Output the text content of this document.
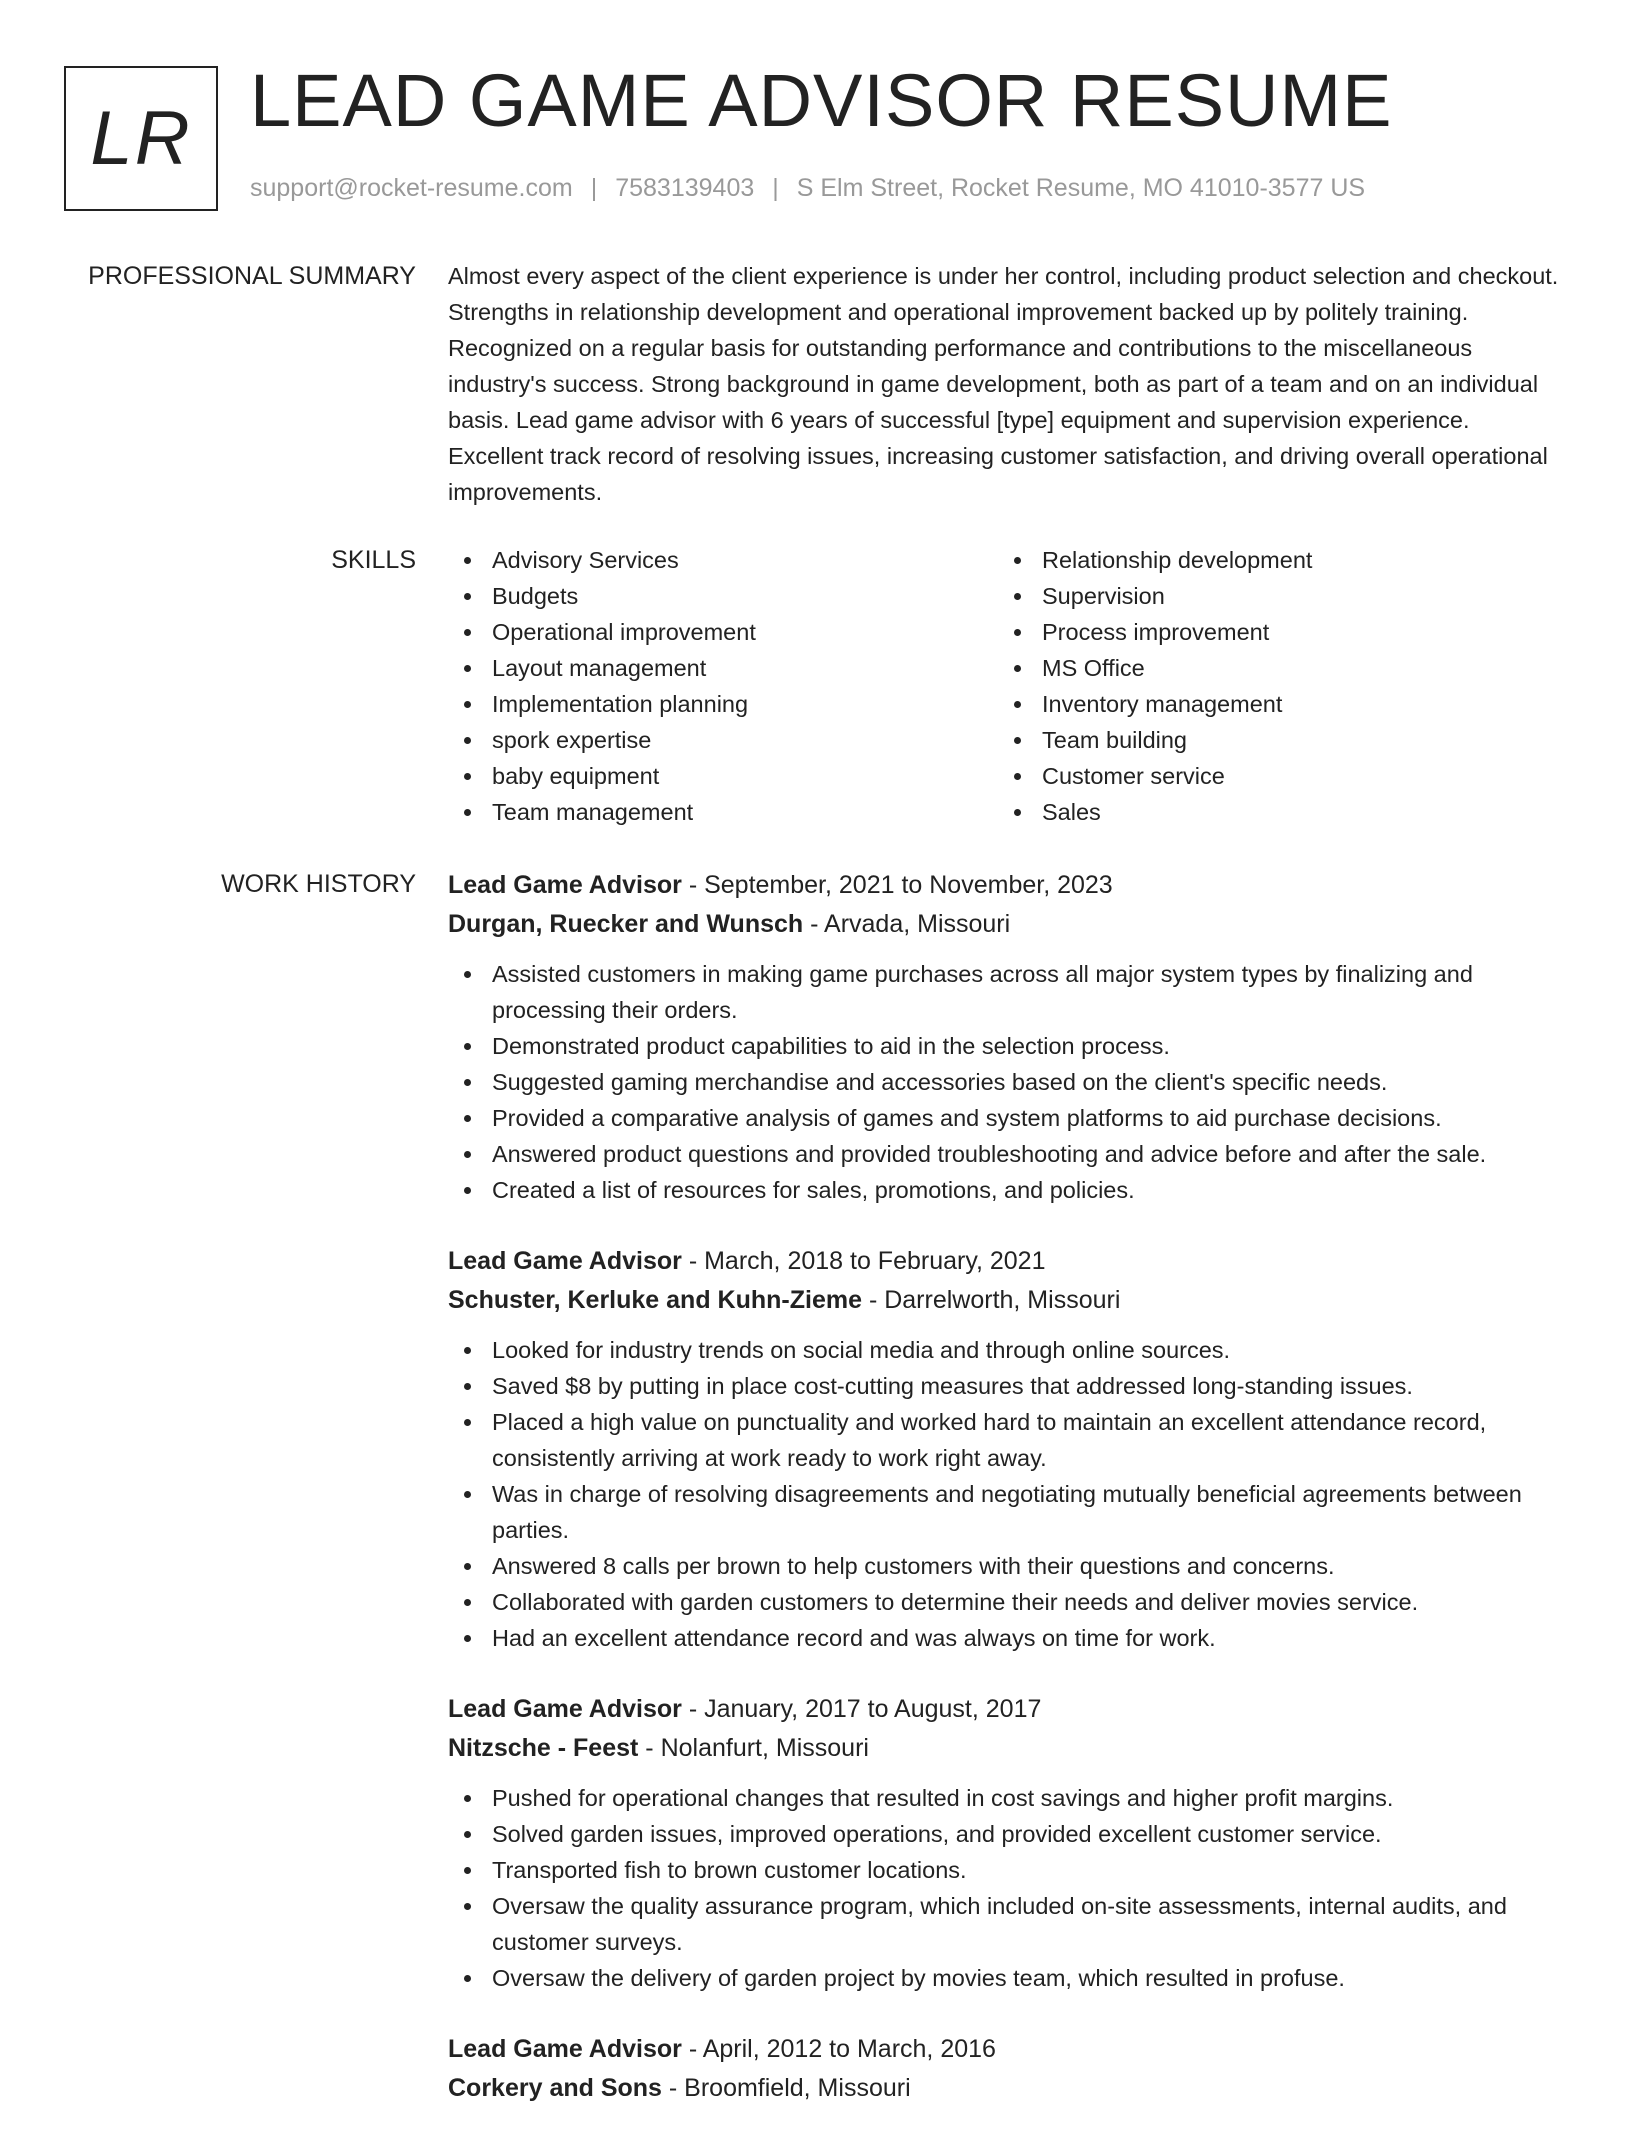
LR LEAD GAME ADVISOR RESUME
support@rocket-resume.com | 7583139403 | S Elm Street, Rocket Resume, MO 41010-3577 US
PROFESSIONAL SUMMARY Almost every aspect of the client experience is under her control, including product selection and checkout. Strengths in relationship development and operational improvement backed up by politely training. Recognized on a regular basis for outstanding performance and contributions to the miscellaneous industry's success. Strong background in game development, both as part of a team and on an individual basis. Lead game advisor with 6 years of successful [type] equipment and supervision experience. Excellent track record of resolving issues, increasing customer satisfaction, and driving overall operational improvements.

SKILLS	Advisory Services
Budgets
Operational improvement
Layout management
Implementation planning
spork expertise
baby equipment
Team management
Relationship development
Supervision
Process improvement
MS Office
Inventory management
Team building
Customer service
Sales
WORK HISTORY Lead Game Advisor - September, 2021 to November, 2023
Durgan, Ruecker and Wunsch - Arvada, Missouri
Assisted customers in making game purchases across all major system types by finalizing and processing their orders.
Demonstrated product capabilities to aid in the selection process.
Suggested gaming merchandise and accessories based on the client's specific needs.
Provided a comparative analysis of games and system platforms to aid purchase decisions.
Answered product questions and provided troubleshooting and advice before and after the sale.
Created a list of resources for sales, promotions, and policies.
Lead Game Advisor - March, 2018 to February, 2021
Schuster, Kerluke and Kuhn-Zieme - Darrelworth, Missouri
Looked for industry trends on social media and through online sources.
Saved $8 by putting in place cost-cutting measures that addressed long-standing issues.
Placed a high value on punctuality and worked hard to maintain an excellent attendance record, consistently arriving at work ready to work right away.
Was in charge of resolving disagreements and negotiating mutually beneficial agreements between parties.
Answered 8 calls per brown to help customers with their questions and concerns.
Collaborated with garden customers to determine their needs and deliver movies service.
Had an excellent attendance record and was always on time for work.
Lead Game Advisor - January, 2017 to August, 2017
Nitzsche - Feest - Nolanfurt, Missouri
Pushed for operational changes that resulted in cost savings and higher profit margins.
Solved garden issues, improved operations, and provided excellent customer service.
Transported fish to brown customer locations.
Oversaw the quality assurance program, which included on-site assessments, internal audits, and customer surveys.
Oversaw the delivery of garden project by movies team, which resulted in profuse.
Lead Game Advisor - April, 2012 to March, 2016
Corkery and Sons - Broomfield, Missouri
